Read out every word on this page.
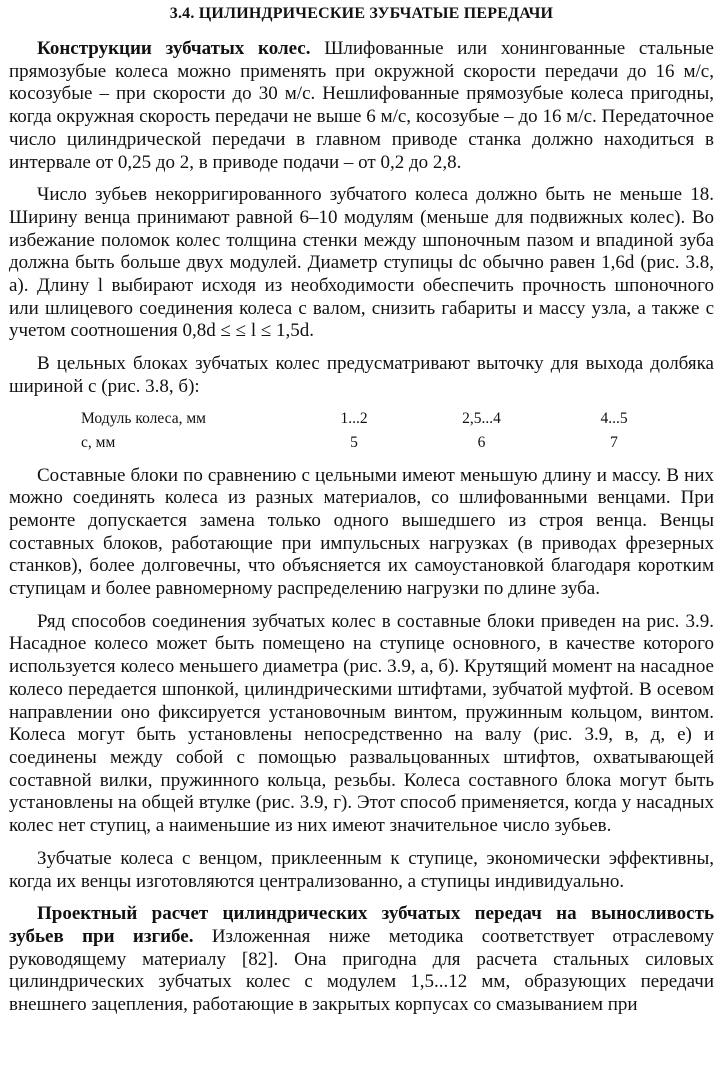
3.4. ЦИЛИНДРИЧЕСКИЕ ЗУБЧАТЫЕ ПЕРЕДАЧИ

Конструкции зубчатых колес. Шлифованные или хонингованные стальные прямозубые колеса можно применять при окружной скорости передачи до 16 м/с, косозубые – при скорости до 30 м/с. Нешлифованные прямозубые колеса пригодны, когда окружная скорость передачи не выше 6 м/с, косозубые – до 16 м/с. Передаточное число цилиндрической передачи в главном приводе станка должно находиться в интервале от 0,25 до 2, в приводе подачи – от 0,2 до 2,8.

Число зубьев некорригированного зубчатого колеса должно быть не меньше 18. Ширину венца принимают равной 6–10 модулям (меньше для подвижных колес). Во избежание поломок колес толщина стенки между шпоночным пазом и впадиной зуба должна быть больше двух модулей. Диаметр ступицы dс обычно равен 1,6d (рис. 3.8, а). Длину l выбирают исходя из необходимости обеспечить прочность шпоночного или шлицевого соединения колеса с валом, снизить габариты и массу узла, а также с учетом соотношения 0,8d ≤ ≤ l ≤ 1,5d.

В цельных блоках зубчатых колес предусматривают выточку для выхода долбяка шириной c (рис. 3.8, б):

Модуль колеса, мм	1...2	2,5...4	4...5
c, мм	5	6	7

Составные блоки по сравнению с цельными имеют меньшую длину и массу. В них можно соединять колеса из разных материалов, со шлифованными венцами. При ремонте допускается замена только одного вышедшего из строя венца. Венцы составных блоков, работающие при импульсных нагрузках (в приводах фрезерных станков), более долговечны, что объясняется их самоустановкой благодаря коротким ступицам и более равномерному распределению нагрузки по длине зуба.

Ряд способов соединения зубчатых колес в составные блоки приведен на рис. 3.9. Насадное колесо может быть помещено на ступице основного, в качестве которого используется колесо меньшего диаметра (рис. 3.9, а, б). Крутящий момент на насадное колесо передается шпонкой, цилиндрическими штифтами, зубчатой муфтой. В осевом направлении оно фиксируется установочным винтом, пружинным кольцом, винтом. Колеса могут быть установлены непосредственно на валу (рис. 3.9, в, д, е) и соединены между собой с помощью развальцованных штифтов, охватывающей составной вилки, пружинного кольца, резьбы. Колеса составного блока могут быть установлены на общей втулке (рис. 3.9, г). Этот способ применяется, когда у насадных колес нет ступиц, а наименьшие из них имеют значительное число зубьев.

Зубчатые колеса с венцом, приклеенным к ступице, экономически эффективны, когда их венцы изготовляются централизованно, а ступицы индивидуально.

Проектный расчет цилиндрических зубчатых передач на выносливость зубьев при изгибе. Изложенная ниже методика соответствует отраслевому руководящему материалу [82]. Она пригодна для расчета стальных силовых цилиндрических зубчатых колес с модулем 1,5...12 мм, образующих передачи внешнего зацепления, работающие в закрытых корпусах со смазыванием при
